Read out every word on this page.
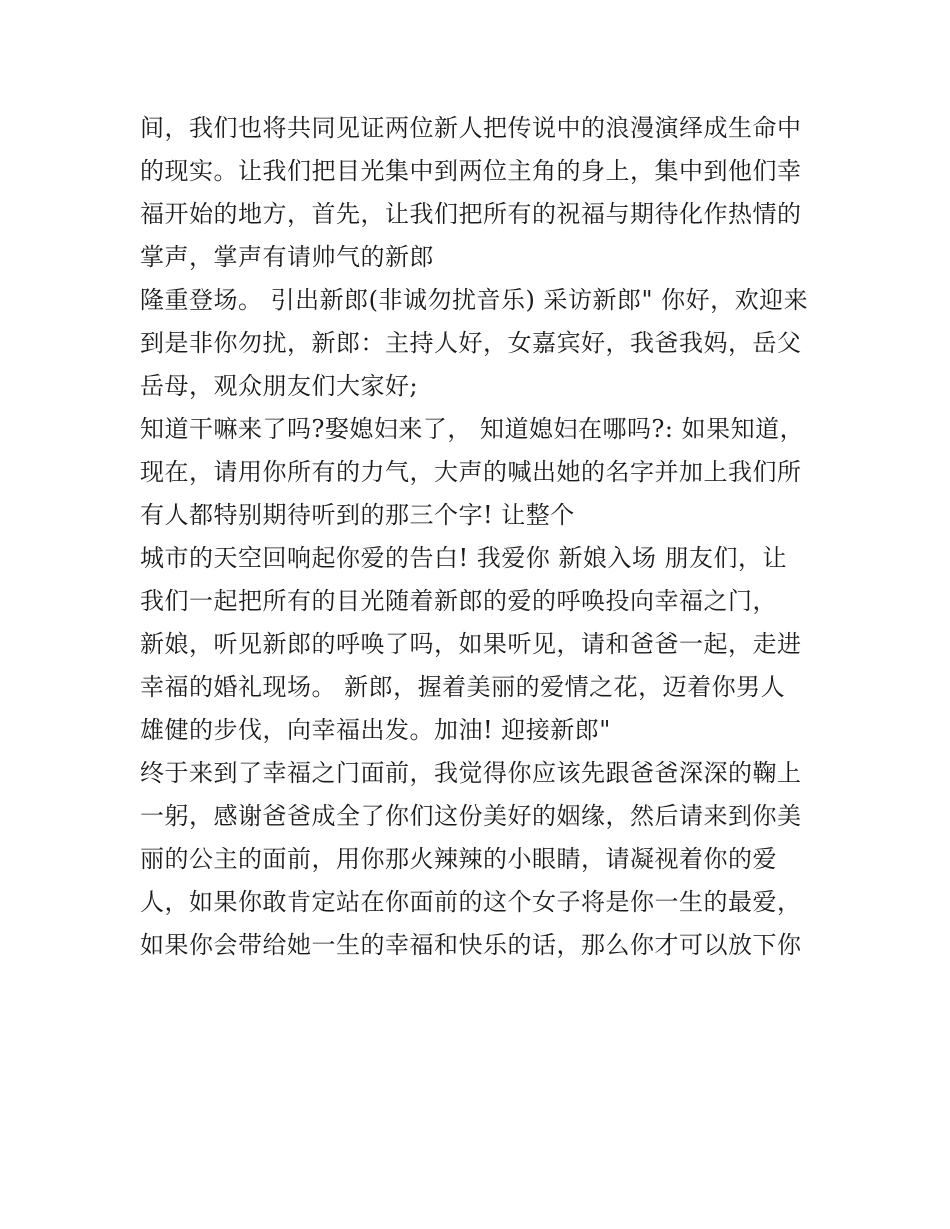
间，我们也将共同见证两位新人把传说中的浪漫演绎成生命中
的现实。让我们把目光集中到两位主角的身上，集中到他们幸
福开始的地方，首先，让我们把所有的祝福与期待化作热情的
掌声，掌声有请帅气的新郎
隆重登场。 引出新郎(非诚勿扰音乐) 采访新郎" 你好，欢迎来
到是非你勿扰，新郎：主持人好，女嘉宾好，我爸我妈，岳父
岳母，观众朋友们大家好;
知道干嘛来了吗?娶媳妇来了， 知道媳妇在哪吗?: 如果知道，
现在，请用你所有的力气，大声的喊出她的名字并加上我们所
有人都特别期待听到的那三个字! 让整个
城市的天空回响起你爱的告白! 我爱你 新娘入场 朋友们，让
我们一起把所有的目光随着新郎的爱的呼唤投向幸福之门，
新娘，听见新郎的呼唤了吗，如果听见，请和爸爸一起，走进
幸福的婚礼现场。 新郎，握着美丽的爱情之花，迈着你男人
雄健的步伐，向幸福出发。加油! 迎接新郎"
终于来到了幸福之门面前，我觉得你应该先跟爸爸深深的鞠上
一躬，感谢爸爸成全了你们这份美好的姻缘，然后请来到你美
丽的公主的面前，用你那火辣辣的小眼睛，请凝视着你的爱
人，如果你敢肯定站在你面前的这个女子将是你一生的最爱，
如果你会带给她一生的幸福和快乐的话，那么你才可以放下你
